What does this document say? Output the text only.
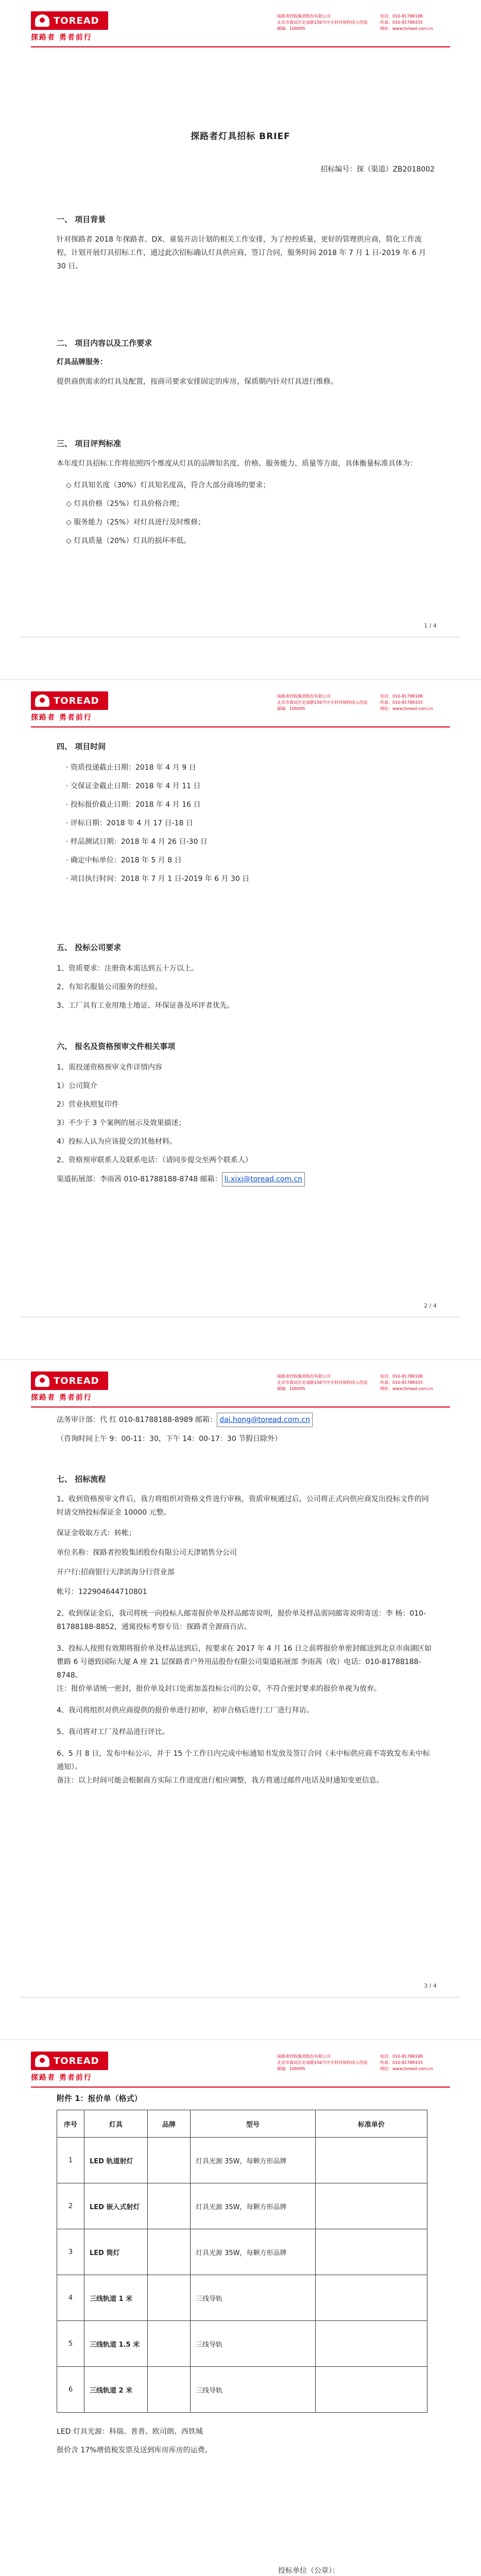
TOREAD
探路者 勇者前行
探路者控股集团股份有限公司
北京市海淀区北清路156号中关村环保科技示范园
邮编：100095
电话：010-81788188
传真：010-81788333
网址：www.toread.com.cn
探路者灯具招标 BRIEF
招标编号：探（渠道）ZB2018002

一、 项目背景

针对探路者 2018 年探路者、DX、童装开店计划的相关工作安排，为了控控质量，更好的管理供应商，简化工作流程，计划开展灯具招标工作，通过此次招标确认灯具供应商，签订合同，服务时间 2018 年 7 月 1 日-2019 年 6 月 30 日。

二、 项目内容以及工作要求

灯具品牌服务：

提供商供需求的灯具及配置，按商司要求安排固定的库房，保质期内针对灯具进行维修。

三、 项目评判标准

本年度灯具招标工作将依照四个维度从灯具的品牌知名度、价格、服务能力、质量等方面，具体衡量标准具体为：

◇ 灯具知名度（30%）灯具知名度高，符合大部分商场的要求；

◇ 灯具价格（25%）灯具价格合理；

◇ 服务能力（25%）对灯具进行及时维修；

◇ 灯具质量（20%）灯具的损坏率低。

1 / 4
TOREAD
探路者 勇者前行
探路者控股集团股份有限公司
北京市海淀区北清路156号中关村环保科技示范园
邮编：100095
电话：010-81788188
传真：010-81788333
网址：www.toread.com.cn

四、 项目时间

· 资质投递截止日期：2018 年 4 月 9 日

· 交保证金截止日期：2018 年 4 月 11 日

· 投标报价截止日期：2018 年 4 月 16 日

· 评标日期：2018 年 4 月 17 日-18 日

· 样品测试日期：2018 年 4 月 26 日-30 日

· 确定中标单位：2018 年 5 月 8 日

· 项目执行时间：2018 年 7 月 1 日-2019 年 6 月 30 日

五、 投标公司要求

1、资质要求：注册资本需达到五十万以上。

2、有知名服装公司服务的经验。

3、工厂具有工业用地土地证、环保证备及环评者优先。

六、 报名及资格预审文件相关事项

1、需投递资格预审文件详情内容

1）公司简介

2）营业执照复印件

3）不少于 3 个案例的展示及效果描述；

4）投标人认为应该提交的其他材料。

2、资格预审联系人及联系电话：（请同步提交至两个联系人）

渠道拓展部：李雨茜 010-81788188-8748 邮箱： li.xixi@toread.com.cn

2 / 4
TOREAD
探路者 勇者前行
探路者控股集团股份有限公司
北京市海淀区北清路156号中关村环保科技示范园
邮编：100095
电话：010-81788188
传真：010-81788333
网址：www.toread.com.cn

法务审计部：代 红 010-81788188-8989 邮箱： dai.hong@toread.com.cn

（咨询时间上午 9：00-11：30，下午 14：00-17：30 节假日除外）

七、 招标流程

1、收到资格预审文件后，我方将组织对资格文件进行审核，资质审核通过后，公司将正式向供应商发出投标文件的同时请交纳投标保证金 10000 元整。

保证金收取方式：转帐；

单位名称：探路者控股集团股份有限公司天津销售分公司

开户行:招商银行天津滨海分行营业部

帐号：122904644710801

2、收到保证金后，我司将统一向投标人邮寄报价单及样品邮寄说明，报价单及样品需同邮寄说明寄送：李 杨：010-81788188-8852，通寓投标考察专员：探路者全源商百店。

3、投标人按照有效期将报价单及样品送到后，按要求在 2017 年 4 月 16 日之前将报价单密封邮送到北京市南湖区如瞿路 6 号德致国际大厦 A 座 21 层探路者户外用品股份有限公司渠道拓展部 李雨茜（收）电话：010-81788188-8748。

注：报价单请统一密封，报价单及封口处需加盖投标公司的公章，不符合密封要求的报价单视为放弃。

4、我司将组织对供应商提供的报价单进行初审，初审合格后进行工厂进行拜访。

5、我司将对工厂及样品进行评比。

6、5 月 8 日，发布中标公示，并于 15 个工作日内完成中标通知书发放及签订合同（未中标供应商不寄致发布未中标通知）。

备注：以上时间可能会根据商方实际工作进度进行相应调整，我方将通过邮件/电话及时通知变更信息。

3 / 4
TOREAD
探路者 勇者前行
探路者控股集团股份有限公司
北京市海淀区北清路156号中关村环保科技示范园
邮编：100095
电话：010-81788188
传真：010-81788333
网址：www.toread.com.cn

附件 1：报价单（格式）

序号	灯具	品牌	型号	标准单价
1	LED 轨道射灯		灯具光源 35W，每颗方形品牌	
2	LED 嵌入式射灯		灯具光源 35W，每颗方形品牌	
3	LED 筒灯		灯具光源 35W，每颗方形品牌	
4	三线轨道 1 米		三线导轨	
5	三线轨道 1.5 米		三线导轨	
6	三线轨道 2 米		三线导轨	

LED 灯具光源：科瑞、普普、欧司朗、西铁城

报价含 17%增值税发票及送到库房库房的运费。

投标单位（公章）：
